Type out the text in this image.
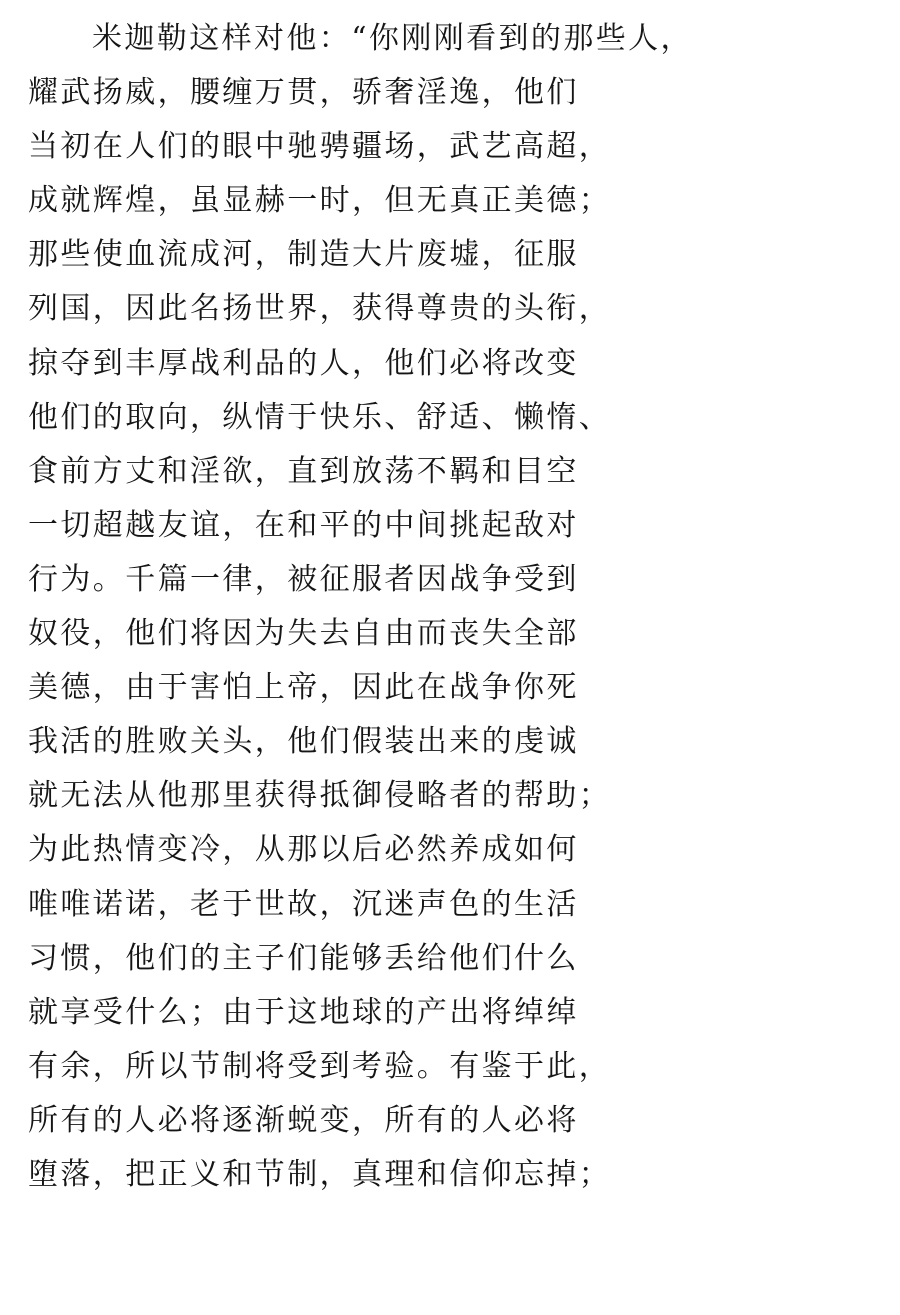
米迦勒这样对他：“你刚刚看到的那些人，
耀武扬威，腰缠万贯，骄奢淫逸，他们
当初在人们的眼中驰骋疆场，武艺高超，
成就辉煌，虽显赫一时，但无真正美德；
那些使血流成河，制造大片废墟，征服
列国，因此名扬世界，获得尊贵的头衔，
掠夺到丰厚战利品的人，他们必将改变
他们的取向，纵情于快乐、舒适、懒惰、
食前方丈和淫欲，直到放荡不羁和目空
一切超越友谊，在和平的中间挑起敌对
行为。千篇一律，被征服者因战争受到
奴役，他们将因为失去自由而丧失全部
美德，由于害怕上帝，因此在战争你死
我活的胜败关头，他们假装出来的虔诚
就无法从他那里获得抵御侵略者的帮助；
为此热情变冷，从那以后必然养成如何
唯唯诺诺，老于世故，沉迷声色的生活
习惯，他们的主子们能够丢给他们什么
就享受什么；由于这地球的产出将绰绰
有余，所以节制将受到考验。有鉴于此，
所有的人必将逐渐蜕变，所有的人必将
堕落，把正义和节制，真理和信仰忘掉；
